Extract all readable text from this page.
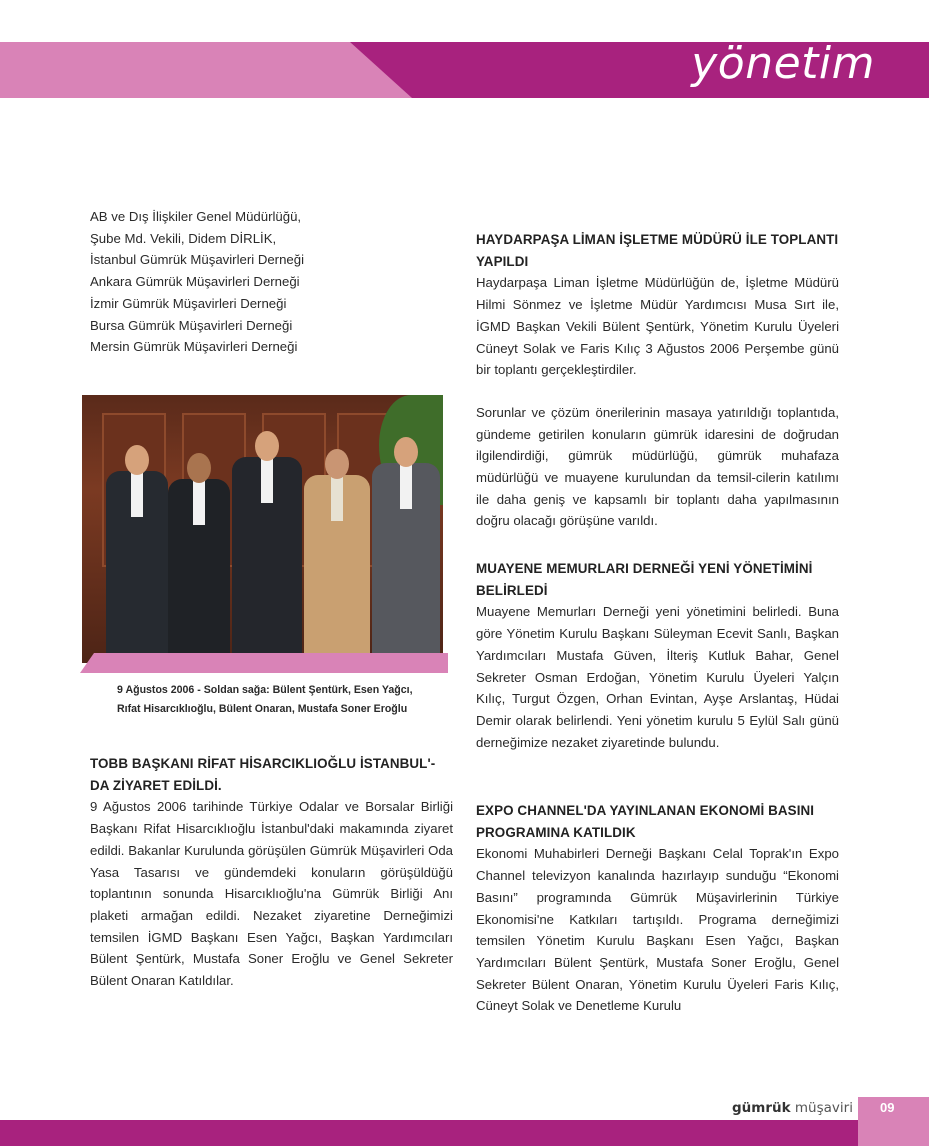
yönetim
AB ve Dış İlişkiler Genel Müdürlüğü,
Şube Md. Vekili, Didem DİRLİK,
İstanbul Gümrük Müşavirleri Derneği
Ankara Gümrük Müşavirleri Derneği
İzmir Gümrük Müşavirleri Derneği
Bursa Gümrük Müşavirleri Derneği
Mersin Gümrük Müşavirleri Derneği
9 Ağustos 2006 - Soldan sağa: Bülent Şentürk, Esen Yağcı,
Rıfat Hisarcıklıoğlu, Bülent Onaran, Mustafa Soner Eroğlu
TOBB BAŞKANI RİFAT HİSARCIKLIOĞLU İSTANBUL'-DA ZİYARET EDİLDİ.
9 Ağustos 2006 tarihinde Türkiye Odalar ve Borsalar Birliği Başkanı Rifat Hisarcıklıoğlu İstanbul'daki makamında ziyaret edildi. Bakanlar Kurulunda görüşülen Gümrük Müşavirleri Oda Yasa Tasarısı ve gündemdeki konuların görüşüldüğü toplantının sonunda Hisarcıklıoğlu'na Gümrük Birliği Anı plaketi armağan edildi. Nezaket ziyaretine Derneğimizi temsilen İGMD Başkanı Esen Yağcı, Başkan Yardımcıları Bülent Şentürk, Mustafa Soner Eroğlu ve Genel Sekreter Bülent Onaran Katıldılar.
HAYDARPAŞA LİMAN İŞLETME MÜDÜRÜ İLE TOPLANTI YAPILDI
Haydarpaşa Liman İşletme Müdürlüğün de, İşletme Müdürü Hilmi Sönmez ve İşletme Müdür Yardımcısı Musa Sırt ile, İGMD Başkan Vekili Bülent Şentürk, Yönetim Kurulu Üyeleri Cüneyt Solak ve Faris Kılıç 3 Ağustos 2006 Perşembe günü bir toplantı gerçekleştirdiler.
Sorunlar ve çözüm önerilerinin masaya yatırıldığı toplantıda, gündeme getirilen konuların gümrük idaresini de doğrudan ilgilendirdiği, gümrük müdürlüğü, gümrük muhafaza müdürlüğü ve muayene kurulundan da temsil-cilerin katılımı ile daha geniş ve kapsamlı bir toplantı daha yapılmasının doğru olacağı görüşüne varıldı.
MUAYENE MEMURLARI DERNEĞİ YENİ YÖNETİMİNİ BELİRLEDİ
Muayene Memurları Derneği yeni yönetimini belirledi. Buna göre Yönetim Kurulu Başkanı Süleyman Ecevit Sanlı, Başkan Yardımcıları Mustafa Güven, İlteriş Kutluk Bahar, Genel Sekreter Osman Erdoğan, Yönetim Kurulu Üyeleri Yalçın Kılıç, Turgut Özgen, Orhan Evintan, Ayşe Arslantaş, Hüdai Demir olarak belirlendi. Yeni yönetim kurulu 5 Eylül Salı günü derneğimize nezaket ziyaretinde bulundu.
EXPO CHANNEL'DA YAYINLANAN EKONOMİ BASINI PROGRAMINA KATILDIK
Ekonomi Muhabirleri Derneği Başkanı Celal Toprak'ın Expo Channel televizyon kanalında hazırlayıp sunduğu “Ekonomi Basını” programında Gümrük Müşavirlerinin Türkiye Ekonomisi'ne Katkıları tartışıldı. Programa derneğimizi temsilen Yönetim Kurulu Başkanı Esen Yağcı, Başkan Yardımcıları Bülent Şentürk, Mustafa Soner Eroğlu, Genel Sekreter Bülent Onaran, Yönetim Kurulu Üyeleri Faris Kılıç, Cüneyt Solak ve Denetleme Kurulu
gümrük müşaviri 09
